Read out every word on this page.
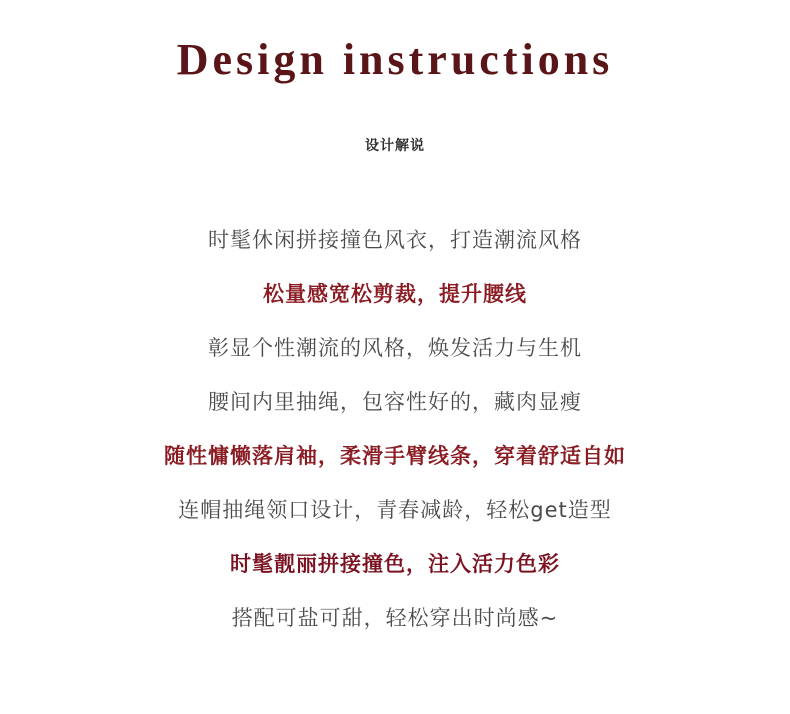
Design instructions
设计解说
时髦休闲拼接撞色风衣，打造潮流风格
松量感宽松剪裁，提升腰线
彰显个性潮流的风格，焕发活力与生机
腰间内里抽绳，包容性好的，藏肉显瘦
随性慵懒落肩袖，柔滑手臂线条，穿着舒适自如
连帽抽绳领口设计，青春减龄，轻松get造型
时髦靓丽拼接撞色，注入活力色彩
搭配可盐可甜，轻松穿出时尚感~
